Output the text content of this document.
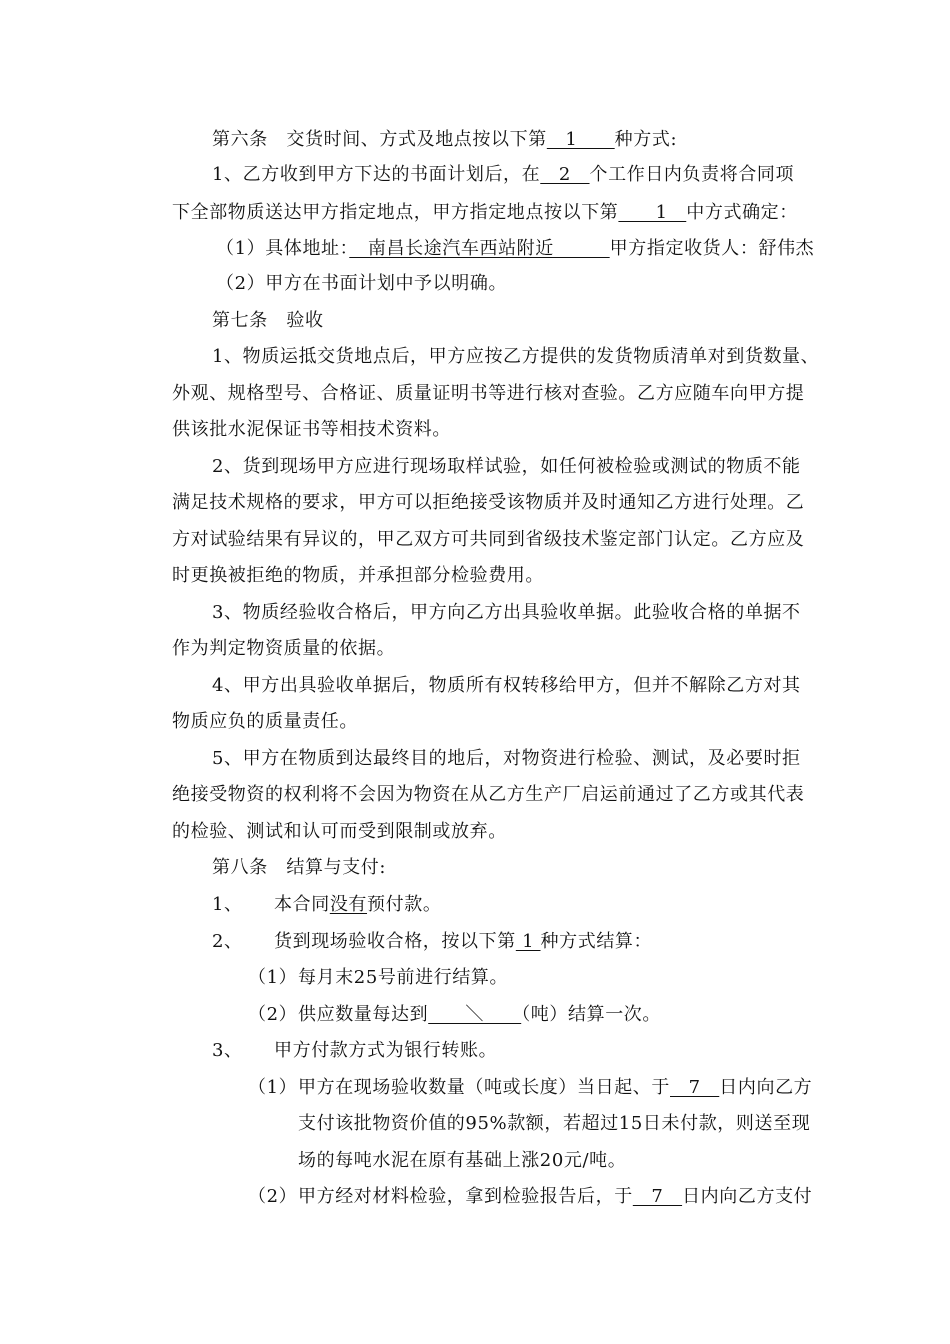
第六条　交货时间、方式及地点按以下第　1　　种方式:
1、乙方收到甲方下达的书面计划后，在　2　个工作日内负责将合同项
下全部物质送达甲方指定地点，甲方指定地点按以下第　　1　中方式确定：
（1）具体地址：　南昌长途汽车西站附近　　　甲方指定收货人：舒伟杰
（2）甲方在书面计划中予以明确。
第七条　验收
1、物质运抵交货地点后，甲方应按乙方提供的发货物质清单对到货数量、
外观、规格型号、合格证、质量证明书等进行核对查验。乙方应随车向甲方提
供该批水泥保证书等相技术资料。
2、货到现场甲方应进行现场取样试验，如任何被检验或测试的物质不能
满足技术规格的要求，甲方可以拒绝接受该物质并及时通知乙方进行处理。乙
方对试验结果有异议的，甲乙双方可共同到省级技术鉴定部门认定。乙方应及
时更换被拒绝的物质，并承担部分检验费用。
3、物质经验收合格后，甲方向乙方出具验收单据。此验收合格的单据不
作为判定物资质量的依据。
4、甲方出具验收单据后，物质所有权转移给甲方，但并不解除乙方对其
物质应负的质量责任。
5、甲方在物质到达最终目的地后，对物资进行检验、测试，及必要时拒
绝接受物资的权利将不会因为物资在从乙方生产厂启运前通过了乙方或其代表
的检验、测试和认可而受到限制或放弃。
第八条　结算与支付:
1、 本合同没有预付款。
2、 货到现场验收合格，按以下第 1 种方式结算：
（1）每月末25号前进行结算。
（2）供应数量每达到　　＼　　（吨）结算一次。
3、 甲方付款方式为银行转账。
（1）甲方在现场验收数量（吨或长度）当日起、于　7　日内向乙方
支付该批物资价值的95%款额，若超过15日未付款，则送至现
场的每吨水泥在原有基础上涨20元/吨。
（2）甲方经对材料检验，拿到检验报告后，于　7　日内向乙方支付
